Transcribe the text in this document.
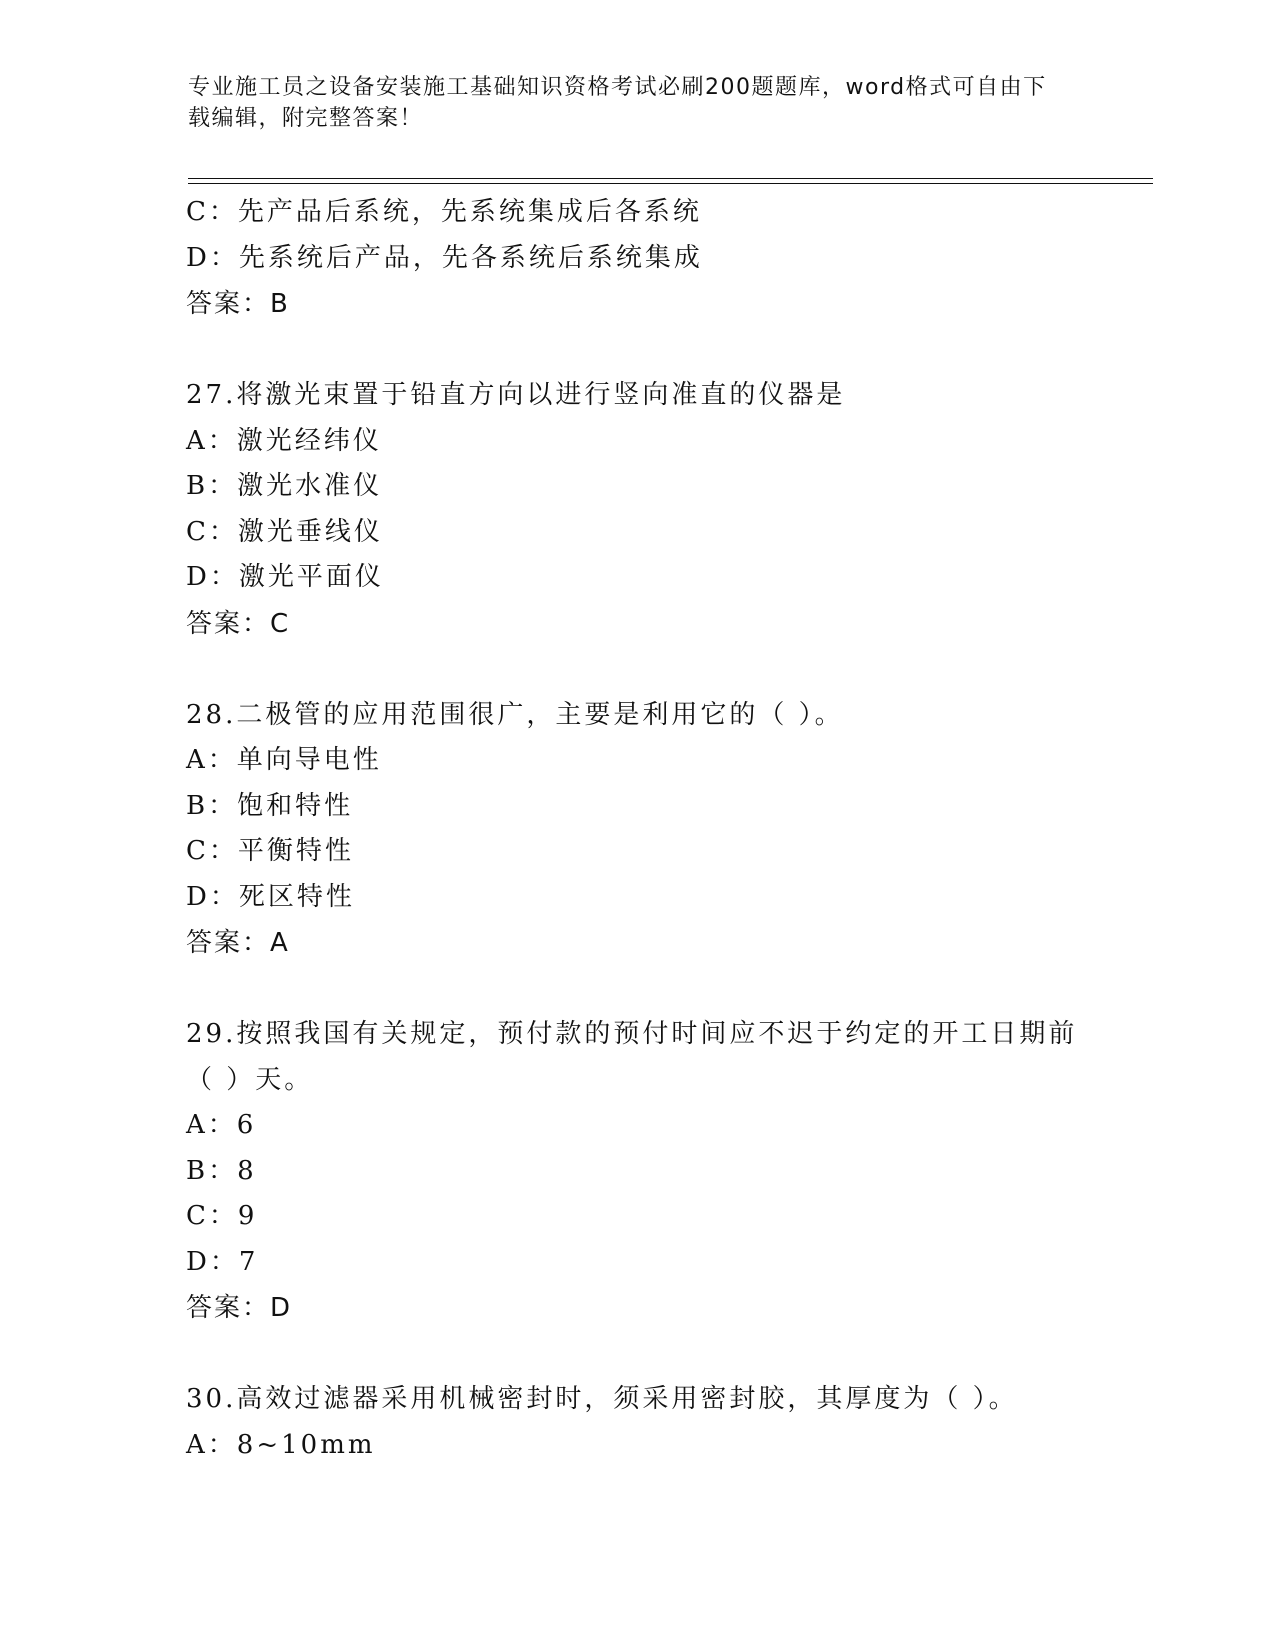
专业施工员之设备安装施工基础知识资格考试必刷200题题库，word格式可自由下载编辑，附完整答案！
C：先产品后系统，先系统集成后各系统
D：先系统后产品，先各系统后系统集成
答案：B
27.将激光束置于铅直方向以进行竖向准直的仪器是
A：激光经纬仪
B：激光水准仪
C：激光垂线仪
D：激光平面仪
答案：C
28.二极管的应用范围很广，主要是利用它的（ ）。
A：单向导电性
B：饱和特性
C：平衡特性
D：死区特性
答案：A
29.按照我国有关规定，预付款的预付时间应不迟于约定的开工日期前（ ）天。
A：6
B：8
C：9
D：7
答案：D
30.高效过滤器采用机械密封时，须采用密封胶，其厚度为（ ）。
A：8~10mm
